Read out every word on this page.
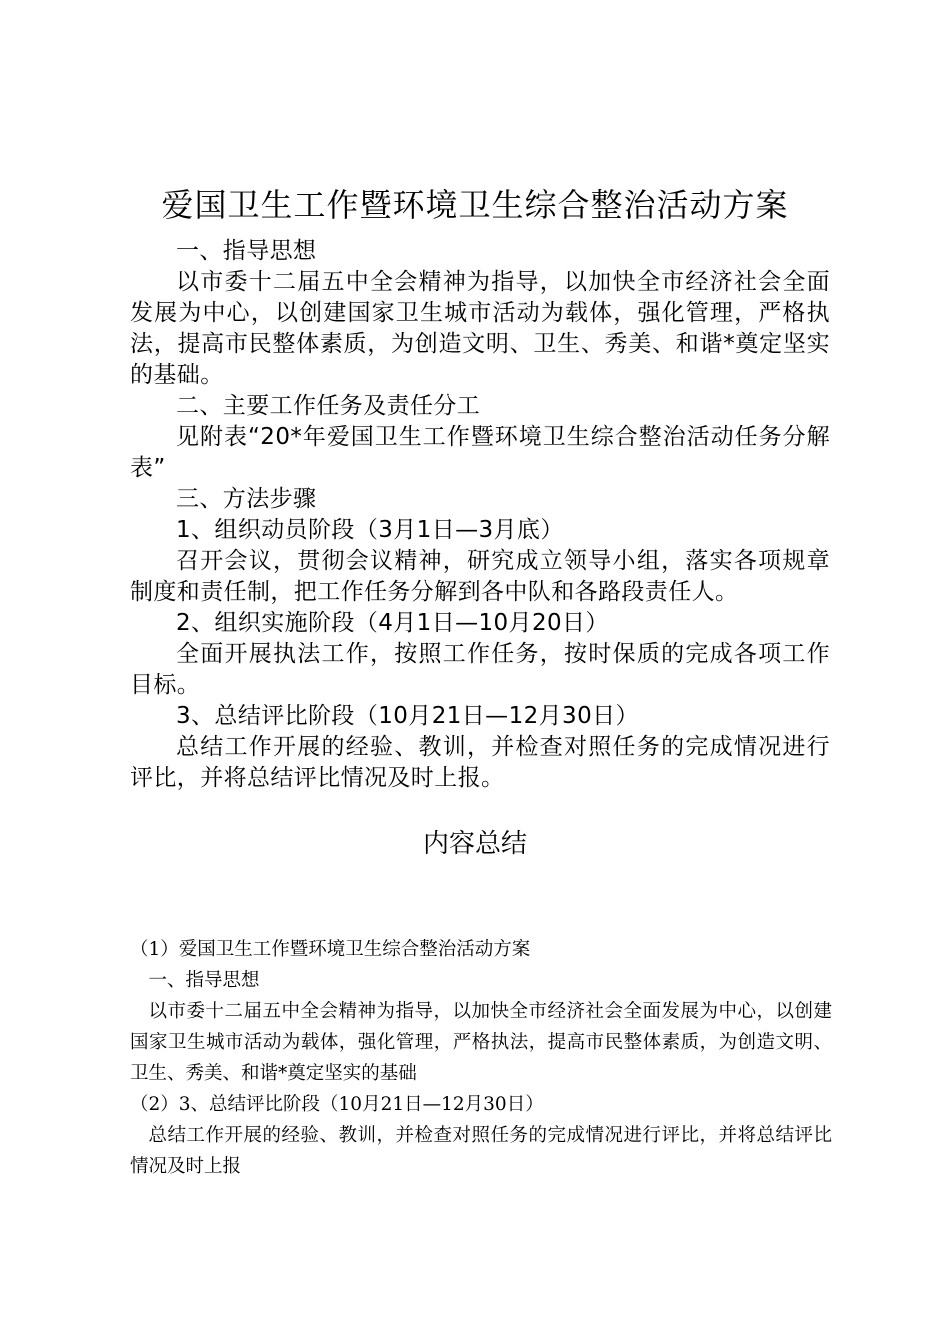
爱国卫生工作暨环境卫生综合整治活动方案

一、指导思想

以市委十二届五中全会精神为指导，以加快全市经济社会全面发展为中心，以创建国家卫生城市活动为载体，强化管理，严格执法，提高市民整体素质，为创造文明、卫生、秀美、和谐*奠定坚实的基础。

二、主要工作任务及责任分工

见附表“20*年爱国卫生工作暨环境卫生综合整治活动任务分解表”

三、方法步骤

1、组织动员阶段（3月1日—3月底）

召开会议，贯彻会议精神，研究成立领导小组，落实各项规章制度和责任制，把工作任务分解到各中队和各路段责任人。

2、组织实施阶段（4月1日—10月20日）

全面开展执法工作，按照工作任务，按时保质的完成各项工作目标。

3、总结评比阶段（10月21日—12月30日）

总结工作开展的经验、教训，并检查对照任务的完成情况进行评比，并将总结评比情况及时上报。

内容总结

（1）爱国卫生工作暨环境卫生综合整治活动方案

一、指导思想

以市委十二届五中全会精神为指导，以加快全市经济社会全面发展为中心，以创建国家卫生城市活动为载体，强化管理，严格执法，提高市民整体素质，为创造文明、卫生、秀美、和谐*奠定坚实的基础

（2）3、总结评比阶段（10月21日—12月30日）

总结工作开展的经验、教训，并检查对照任务的完成情况进行评比，并将总结评比情况及时上报
